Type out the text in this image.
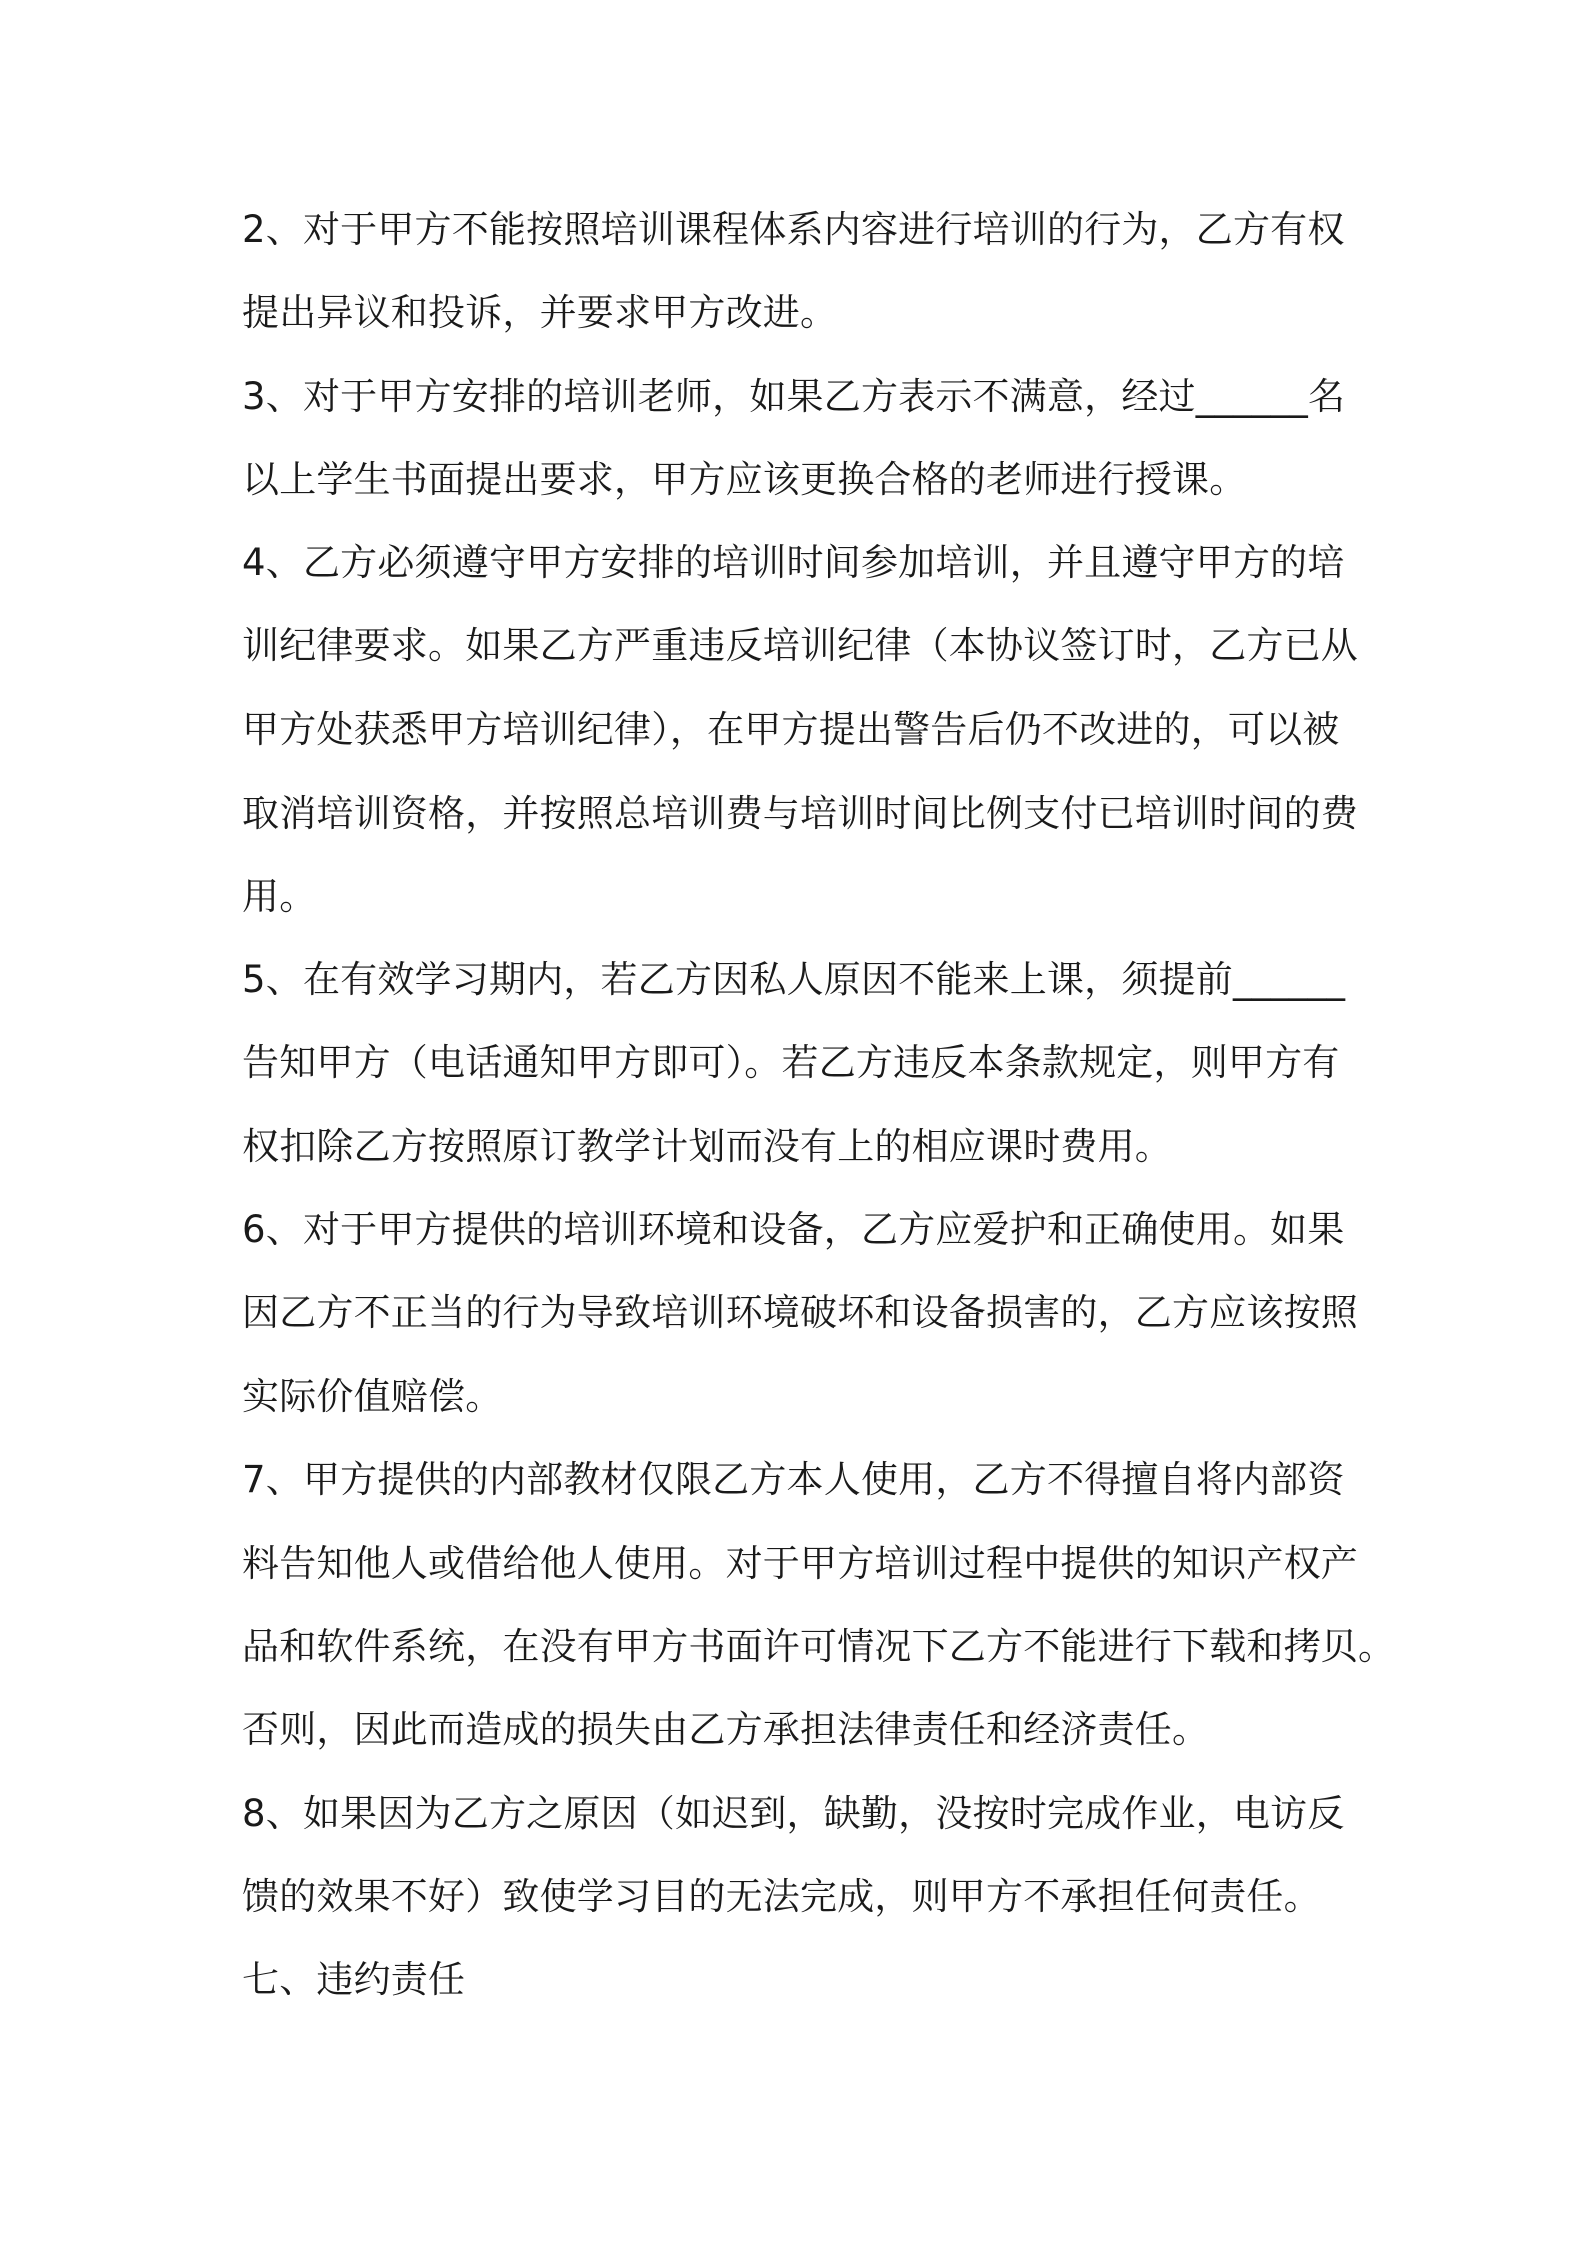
2、对于甲方不能按照培训课程体系内容进行培训的行为，乙方有权
提出异议和投诉，并要求甲方改进。
3、对于甲方安排的培训老师，如果乙方表示不满意，经过______名
以上学生书面提出要求，甲方应该更换合格的老师进行授课。
4、乙方必须遵守甲方安排的培训时间参加培训，并且遵守甲方的培
训纪律要求。如果乙方严重违反培训纪律（本协议签订时，乙方已从
甲方处获悉甲方培训纪律），在甲方提出警告后仍不改进的，可以被
取消培训资格，并按照总培训费与培训时间比例支付已培训时间的费
用。
5、在有效学习期内，若乙方因私人原因不能来上课，须提前______
告知甲方（电话通知甲方即可）。若乙方违反本条款规定，则甲方有
权扣除乙方按照原订教学计划而没有上的相应课时费用。
6、对于甲方提供的培训环境和设备，乙方应爱护和正确使用。如果
因乙方不正当的行为导致培训环境破坏和设备损害的，乙方应该按照
实际价值赔偿。
7、甲方提供的内部教材仅限乙方本人使用，乙方不得擅自将内部资
料告知他人或借给他人使用。对于甲方培训过程中提供的知识产权产
品和软件系统，在没有甲方书面许可情况下乙方不能进行下载和拷贝。
否则，因此而造成的损失由乙方承担法律责任和经济责任。
8、如果因为乙方之原因（如迟到，缺勤，没按时完成作业，电访反
馈的效果不好）致使学习目的无法完成，则甲方不承担任何责任。
七、违约责任
